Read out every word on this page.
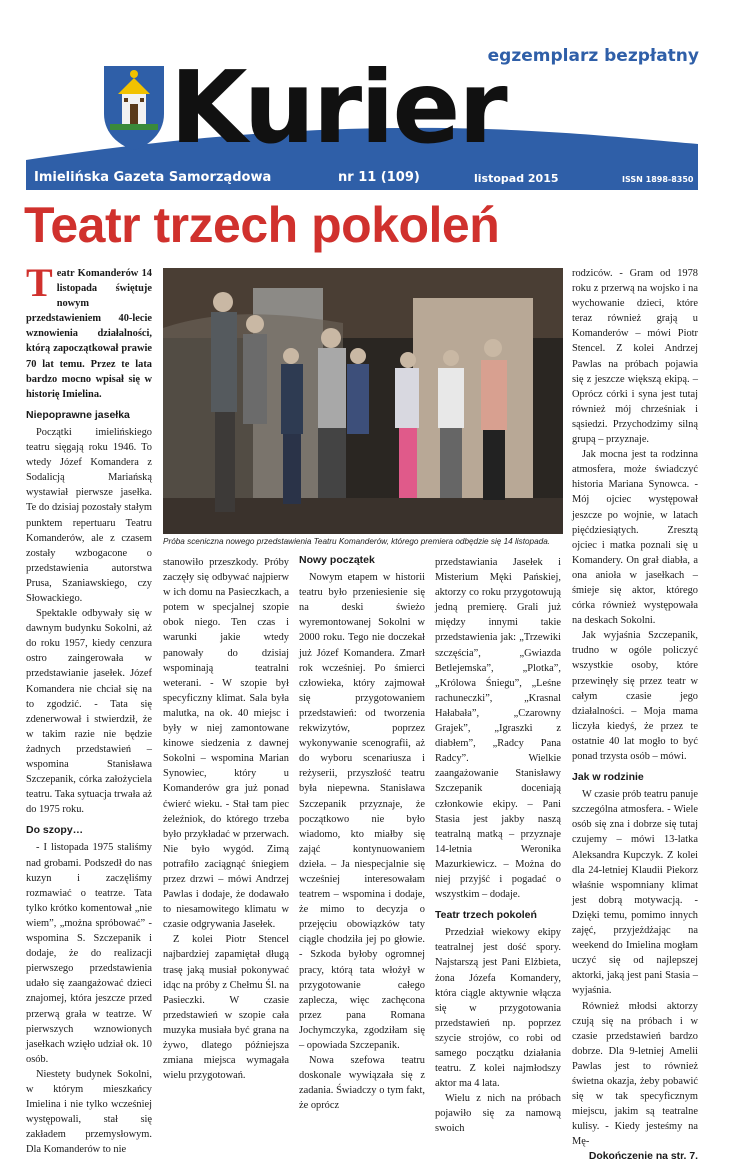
egzemplarz bezpłatny
Kurier
Imielińska Gazeta Samorządowa	nr 11 (109)	listopad 2015	ISSN 1898-8350
Teatr trzech pokoleń

Teatr Komanderów 14 listopada świętuje nowym przedstawieniem 40-lecie wznowienia działalności, którą zapoczątkował prawie 70 lat temu. Przez te lata bardzo mocno wpisał się w historię Imielina.

Niepoprawne jasełka

Początki imielińskiego teatru sięgają roku 1946. To wtedy Józef Komandera z Sodalicją Mariańską wystawiał pierwsze jasełka. Te do dzisiaj pozostały stałym punktem repertuaru Teatru Komanderów, ale z czasem zostały wzbogacone o przedstawienia autorstwa Prusa, Szaniawskiego, czy Słowackiego.

Spektakle odbywały się w dawnym budynku Sokolni, aż do roku 1957, kiedy cenzura ostro zaingerowała w przedstawianie jasełek. Józef Komandera nie chciał się na to zgodzić. - Tata się zdenerwował i stwierdził, że w takim razie nie będzie żadnych przedstawień – wspomina Stanisława Szczepanik, córka założyciela teatru. Taka sytuacja trwała aż do 1975 roku.

Do szopy…

- I listopada 1975 staliśmy nad grobami. Podszedł do nas kuzyn i zaczęliśmy rozmawiać o teatrze. Tata tylko krótko komentował „nie wiem”, „można spróbować” - wspomina S. Szczepanik i dodaje, że do realizacji pierwszego przedstawienia udało się zaangażować dzieci znajomej, która jeszcze przed przerwą grała w teatrze. W pierwszych wznowionych jasełkach wzięło udział ok. 10 osób.

Niestety budynek Sokolni, w którym mieszkańcy Imielina i nie tylko wcześniej występowali, stał się zakładem przemysłowym. Dla Komanderów to nie

Próba sceniczna nowego przedstawienia Teatru Komanderów, którego premiera odbędzie się 14 listopada.

stanowiło przeszkody. Próby zaczęły się odbywać najpierw w ich domu na Pasieczkach, a potem w specjalnej szopie obok niego. Ten czas i warunki jakie wtedy panowały do dzisiaj wspominają teatralni weterani. - W szopie był specyficzny klimat. Sala była malutka, na ok. 40 miejsc i były w niej zamontowane kinowe siedzenia z dawnej Sokolni – wspomina Marian Synowiec, który u Komanderów gra już ponad ćwierć wieku. - Stał tam piec żeleźniok, do którego trzeba było przykładać w przerwach. Nie było wygód. Zimą potrafiło zaciągnąć śniegiem przez drzwi – mówi Andrzej Pawlas i dodaje, że dodawało to niesamowitego klimatu w czasie odgrywania Jasełek.

Z kolei Piotr Stencel najbardziej zapamiętał długą trasę jaką musiał pokonywać idąc na próby z Chełmu Śl. na Pasieczki. W czasie przedstawień w szopie cała muzyka musiała być grana na żywo, dlatego późniejsza zmiana miejsca wymagała wielu przygotowań.

Nowy początek

Nowym etapem w historii teatru było przeniesienie się na deski świeżo wyremontowanej Sokolni w 2000 roku. Tego nie doczekał już Józef Komandera. Zmarł rok wcześniej. Po śmierci człowieka, który zajmował się przygotowaniem przedstawień: od tworzenia rekwizytów, poprzez wykonywanie scenografii, aż do wyboru scenariusza i reżyserii, przyszłość teatru była niepewna. Stanisława Szczepanik przyznaje, że początkowo nie było wiadomo, kto miałby się zająć kontynuowaniem dzieła. – Ja niespecjalnie się wcześniej interesowałam teatrem – wspomina i dodaje, że mimo to decyzja o przejęciu obowiązków taty ciągle chodziła jej po głowie. - Szkoda byłoby ogromnej pracy, którą tata włożył w przygotowanie całego zaplecza, więc zachęcona przez pana Romana Jochymczyka, zgodziłam się – opowiada Szczepanik.

Nowa szefowa teatru doskonale wywiązała się z zadania. Świadczy o tym fakt, że oprócz

przedstawiania Jasełek i Misterium Męki Pańskiej, aktorzy co roku przygotowują jedną premierę. Grali już między innymi takie przedstawienia jak: „Trzewiki szczęścia”, „Gwiazda Betlejemska”, „Plotka”, „Królowa Śniegu”, „Leśne rachuneczki”, „Krasnal Hałabała”, „Czarowny Grajek”, „Igraszki z diabłem”, „Radcy Pana Radcy”. Wielkie zaangażowanie Stanisławy Szczepanik doceniają członkowie ekipy. – Pani Stasia jest jakby naszą teatralną matką – przyznaje 14-letnia Weronika Mazurkiewicz. – Można do niej przyjść i pogadać o wszystkim – dodaje.

Teatr trzech pokoleń

Przedział wiekowy ekipy teatralnej jest dość spory. Najstarszą jest Pani Elżbieta, żona Józefa Komandery, która ciągle aktywnie włącza się w przygotowania przedstawień np. poprzez szycie strojów, co robi od samego początku działania teatru. Z kolei najmłodszy aktor ma 4 lata.

Wielu z nich na próbach pojawiło się za namową swoich

rodziców. - Gram od 1978 roku z przerwą na wojsko i na wychowanie dzieci, które teraz również grają u Komanderów – mówi Piotr Stencel. Z kolei Andrzej Pawlas na próbach pojawia się z jeszcze większą ekipą. – Oprócz córki i syna jest tutaj również mój chrześniak i sąsiedzi. Przychodzimy silną grupą – przyznaje.

Jak mocna jest ta rodzinna atmosfera, może świadczyć historia Mariana Synowca. - Mój ojciec występował jeszcze po wojnie, w latach pięćdziesiątych. Zresztą ojciec i matka poznali się u Komandery. On grał diabła, a ona anioła w jasełkach – śmieje się aktor, którego córka również występowała na deskach Sokolni.

Jak wyjaśnia Szczepanik, trudno w ogóle policzyć wszystkie osoby, które przewinęły się przez teatr w całym czasie jego działalności. – Moja mama liczyła kiedyś, że przez te ostatnie 40 lat mogło to być ponad trzysta osób – mówi.

Jak w rodzinie

W czasie prób teatru panuje szczególna atmosfera. - Wiele osób się zna i dobrze się tutaj czujemy – mówi 13-latka Aleksandra Kupczyk. Z kolei dla 24-letniej Klaudii Piekorz właśnie wspomniany klimat jest dobrą motywacją. - Dzięki temu, pomimo innych zajęć, przyjeżdżając na weekend do Imielina mogłam uczyć się od najlepszej aktorki, jaką jest pani Stasia – wyjaśnia.

Również młodsi aktorzy czują się na próbach i w czasie przedstawień bardzo dobrze. Dla 9-letniej Amelii Pawlas jest to również świetna okazja, żeby pobawić się w tak specyficznym miejscu, jakim są teatralne kulisy. - Kiedy jesteśmy na Mę-

Dokończenie na str. 7.
